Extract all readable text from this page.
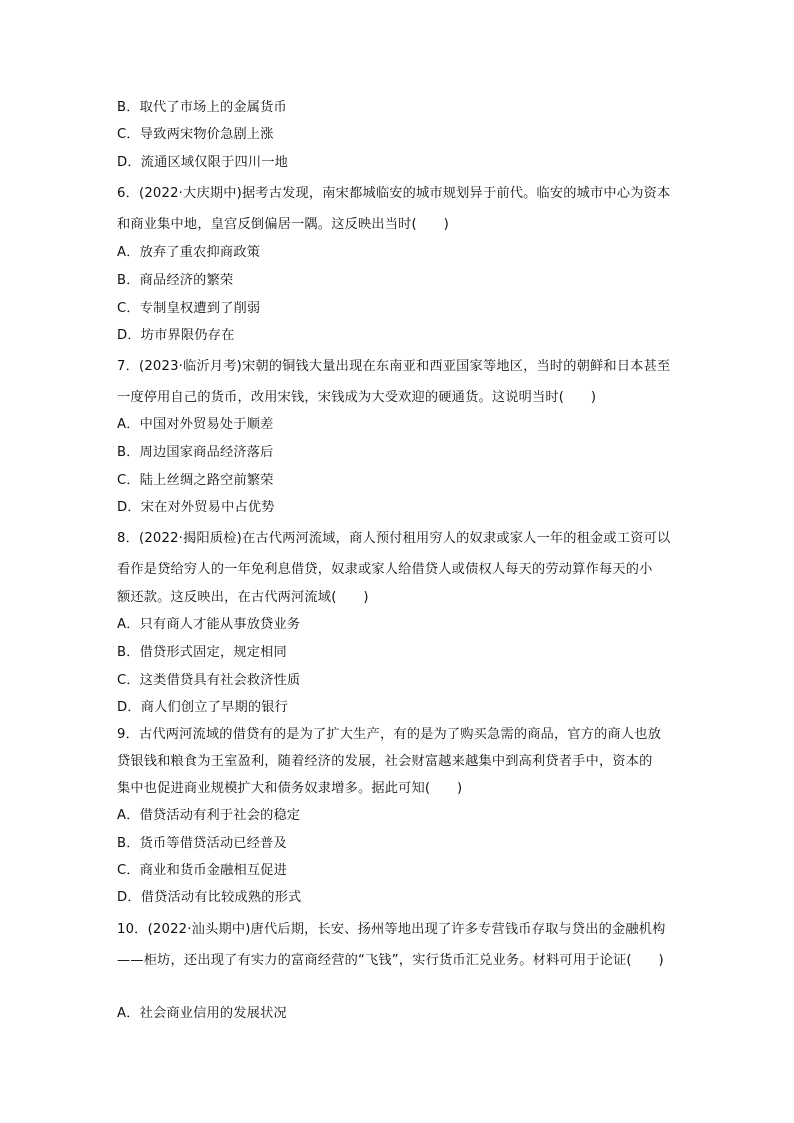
B．取代了市场上的金属货币
C．导致两宋物价急剧上涨
D．流通区域仅限于四川一地
6．(2022·大庆期中)据考古发现，南宋都城临安的城市规划异于前代。临安的城市中心为资本
和商业集中地，皇宫反倒偏居一隅。这反映出当时(　　)
A．放弃了重农抑商政策
B．商品经济的繁荣
C．专制皇权遭到了削弱
D．坊市界限仍存在
7．(2023·临沂月考)宋朝的铜钱大量出现在东南亚和西亚国家等地区，当时的朝鲜和日本甚至
一度停用自己的货币，改用宋钱，宋钱成为大受欢迎的硬通货。这说明当时(　　)
A．中国对外贸易处于顺差
B．周边国家商品经济落后
C．陆上丝绸之路空前繁荣
D．宋在对外贸易中占优势
8．(2022·揭阳质检)在古代两河流域，商人预付租用穷人的奴隶或家人一年的租金或工资可以
看作是贷给穷人的一年免利息借贷，奴隶或家人给借贷人或债权人每天的劳动算作每天的小
额还款。这反映出，在古代两河流域(　　)
A．只有商人才能从事放贷业务
B．借贷形式固定，规定相同
C．这类借贷具有社会救济性质
D．商人们创立了早期的银行
9．古代两河流域的借贷有的是为了扩大生产，有的是为了购买急需的商品，官方的商人也放
贷银钱和粮食为王室盈利，随着经济的发展，社会财富越来越集中到高利贷者手中，资本的
集中也促进商业规模扩大和债务奴隶增多。据此可知(　　)
A．借贷活动有利于社会的稳定
B．货币等借贷活动已经普及
C．商业和货币金融相互促进
D．借贷活动有比较成熟的形式
10．(2022·汕头期中)唐代后期，长安、扬州等地出现了许多专营钱币存取与贷出的金融机构
——柜坊，还出现了有实力的富商经营的“飞钱”，实行货币汇兑业务。材料可用于论证(　　)
A．社会商业信用的发展状况
